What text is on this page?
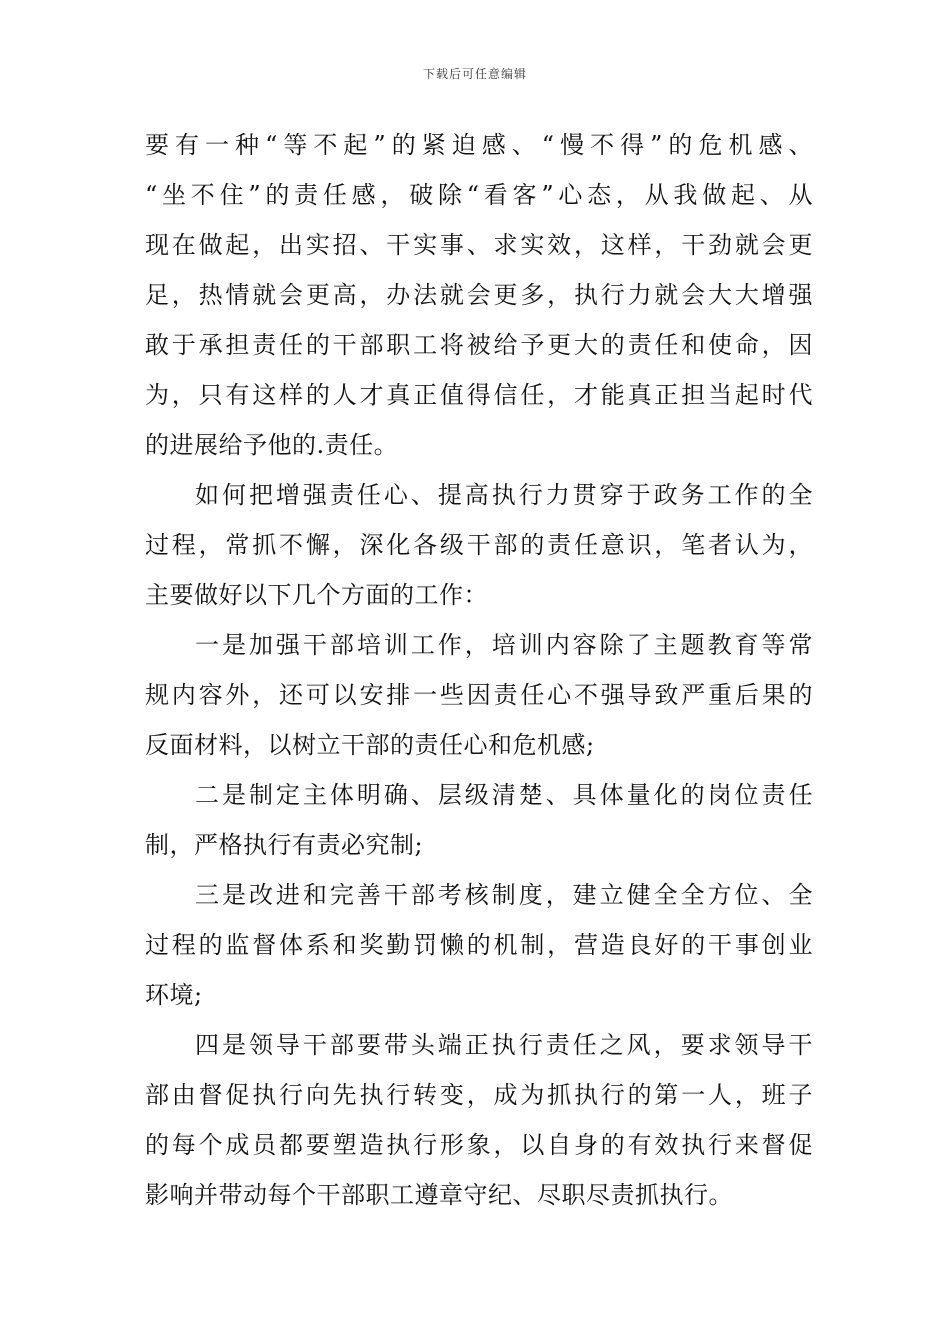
下载后可任意编辑
要有一种“等不起”的紧迫感、“慢不得”的危机感、
“坐不住”的责任感，破除“看客”心态，从我做起、从
现在做起，出实招、干实事、求实效，这样，干劲就会更
足，热情就会更高，办法就会更多，执行力就会大大增强
敢于承担责任的干部职工将被给予更大的责任和使命，因
为，只有这样的人才真正值得信任，才能真正担当起时代
的进展给予他的.责任。
如何把增强责任心、提高执行力贯穿于政务工作的全
过程，常抓不懈，深化各级干部的责任意识，笔者认为，
主要做好以下几个方面的工作：
一是加强干部培训工作，培训内容除了主题教育等常
规内容外，还可以安排一些因责任心不强导致严重后果的
反面材料，以树立干部的责任心和危机感;
二是制定主体明确、层级清楚、具体量化的岗位责任
制，严格执行有责必究制;
三是改进和完善干部考核制度，建立健全全方位、全
过程的监督体系和奖勤罚懒的机制，营造良好的干事创业
环境;
四是领导干部要带头端正执行责任之风，要求领导干
部由督促执行向先执行转变，成为抓执行的第一人，班子
的每个成员都要塑造执行形象，以自身的有效执行来督促
影响并带动每个干部职工遵章守纪、尽职尽责抓执行。
